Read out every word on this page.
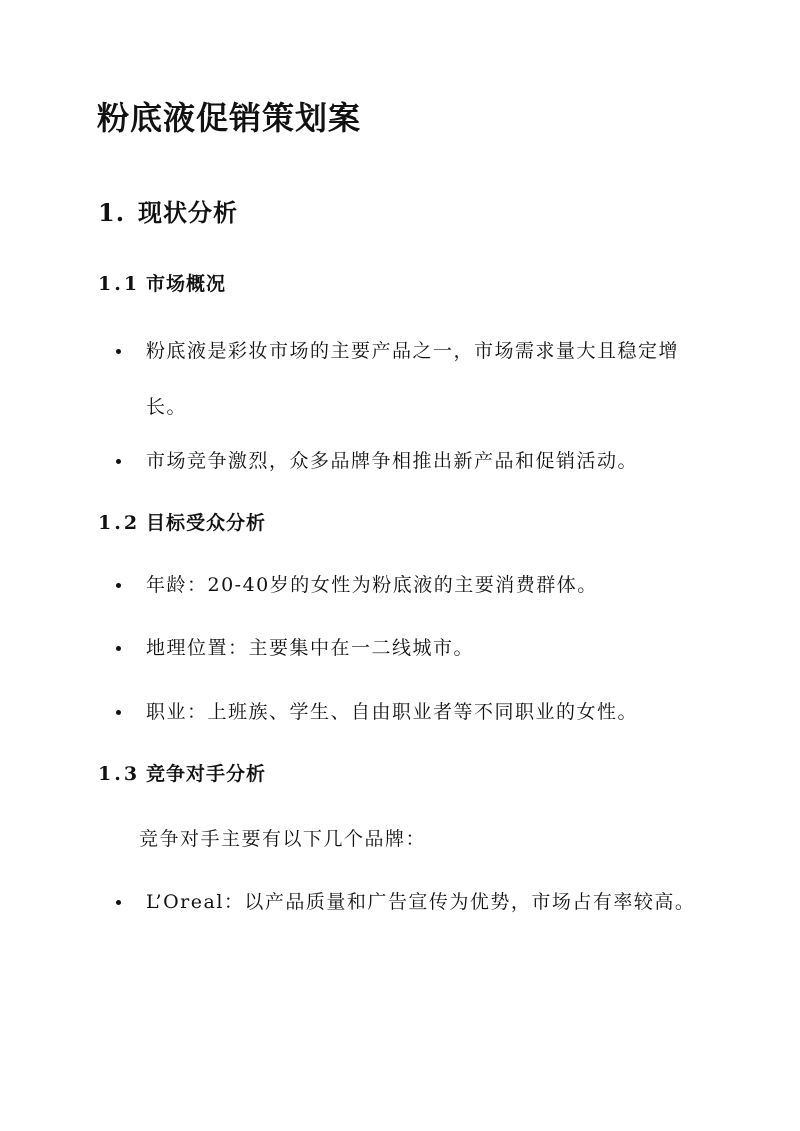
粉底液促销策划案
1. 现状分析
1.1 市场概况
粉底液是彩妆市场的主要产品之一，市场需求量大且稳定增长。
市场竞争激烈，众多品牌争相推出新产品和促销活动。
1.2 目标受众分析
年龄：20-40岁的女性为粉底液的主要消费群体。
地理位置：主要集中在一二线城市。
职业：上班族、学生、自由职业者等不同职业的女性。
1.3 竞争对手分析

竞争对手主要有以下几个品牌：

L’Oreal：以产品质量和广告宣传为优势，市场占有率较高。
